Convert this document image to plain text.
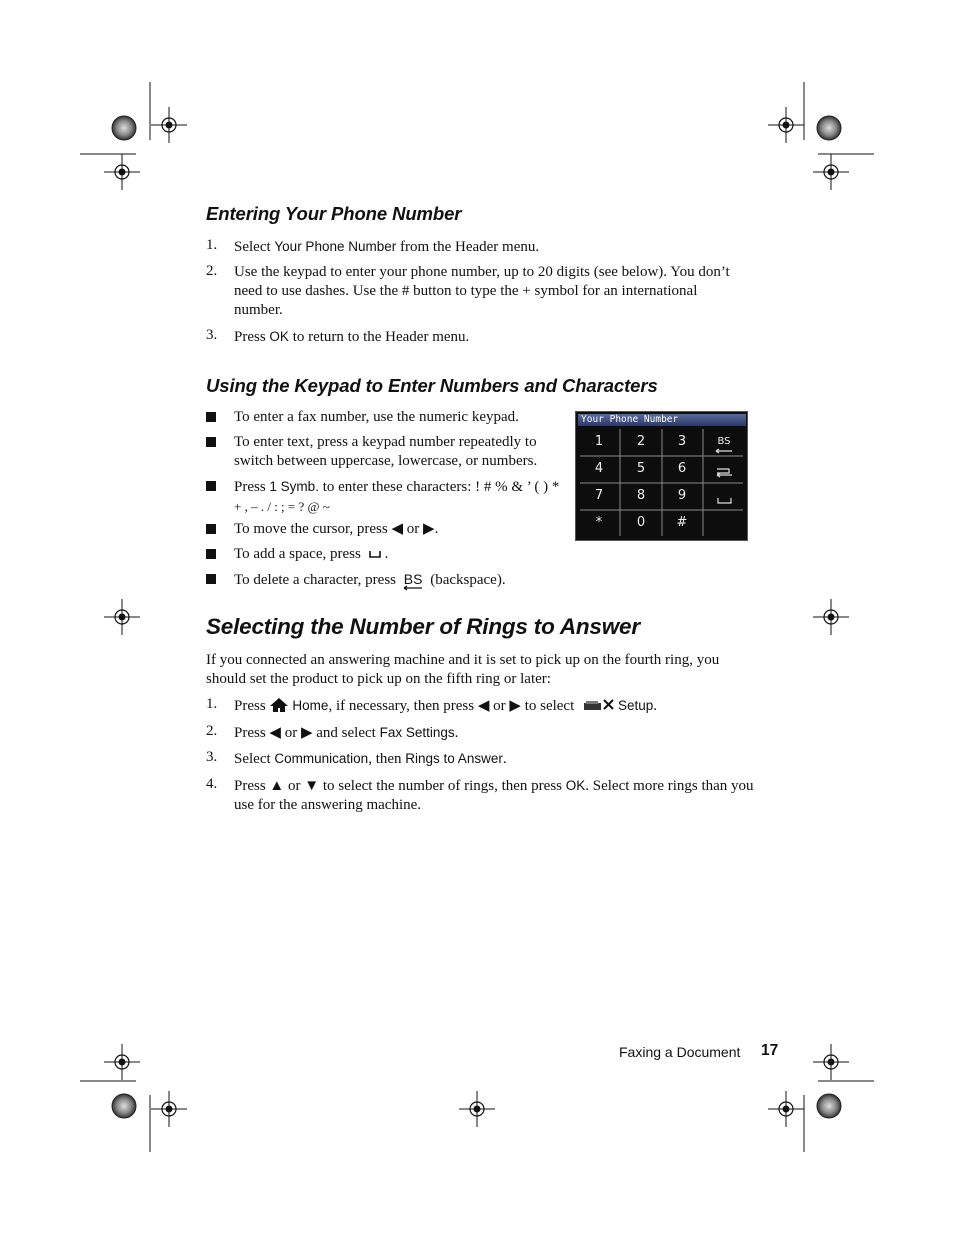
Entering Your Phone Number
1. Select Your Phone Number from the Header menu.
2. Use the keypad to enter your phone number, up to 20 digits (see below). You don’t
need to use dashes. Use the # button to type the + symbol for an international
number.
3. Press OK to return to the Header menu.
Using the Keypad to Enter Numbers and Characters
To enter a fax number, use the numeric keypad.
To enter text, press a keypad number repeatedly to
switch between uppercase, lowercase, or numbers.
Press 1 Symb. to enter these characters: ! # % & ’ ( ) *
+ , – . / : ; = ? @ ~
To move the cursor, press ◀ or ▶.
To add a space, press .
To delete a character, press BS
(backspace).
Your Phone Number
1	2	3	BS
4	5	6
7	8	9
*	0	#
Selecting the Number of Rings to Answer
If you connected an answering machine and it is set to pick up on the fourth ring, you
should set the product to pick up on the fifth ring or later:
1. Press Home, if necessary, then press ◀ or ▶ to select	Setup.
2. Press ◀ or ▶ and select Fax Settings.
3. Select Communication, then Rings to Answer.
4. Press ▲ or ▼ to select the number of rings, then press OK. Select more rings than you
use for the answering machine.
Faxing a Document 17
